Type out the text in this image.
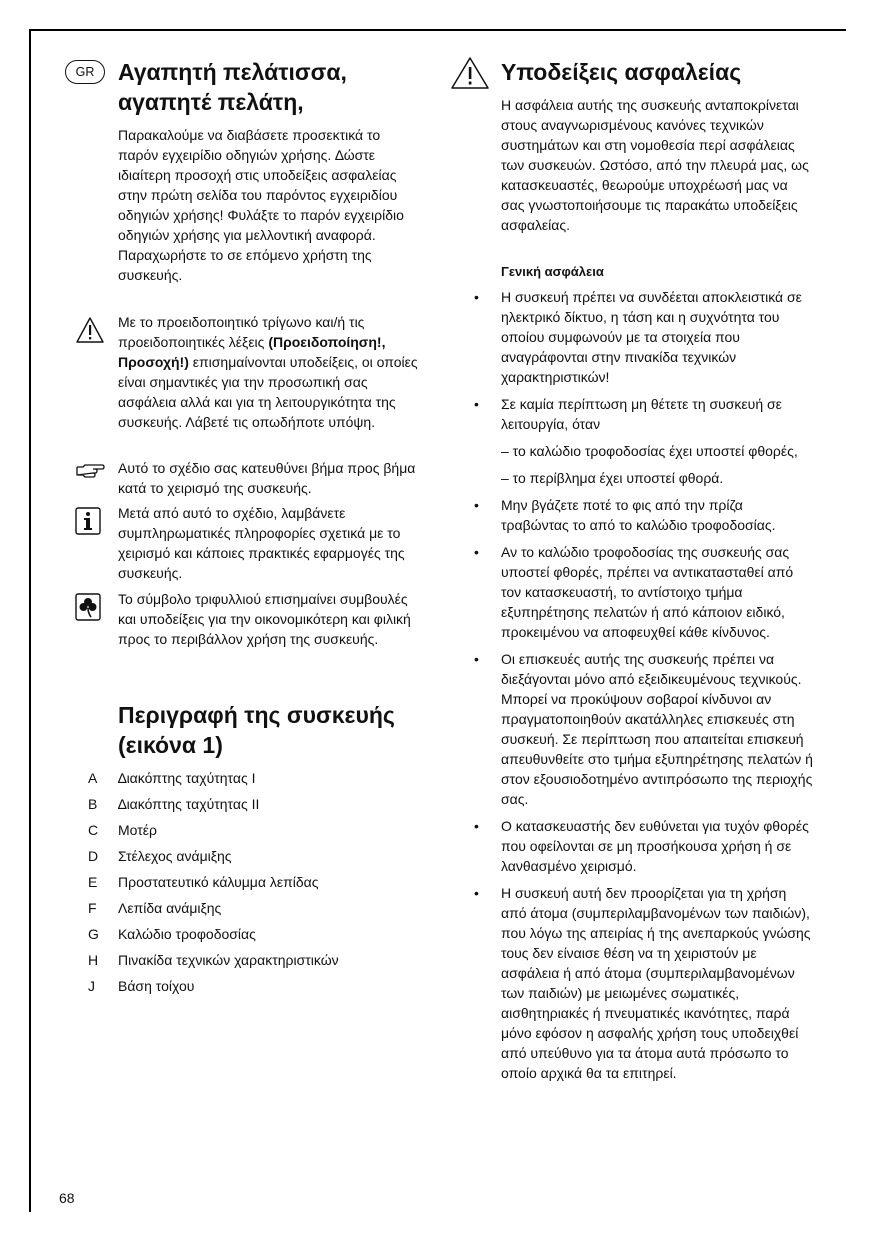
GR	Αγαπητή πελάτισσα,
αγαπητέ πελάτη,

Παρακαλούμε να διαβάσετε προσεκτικά το παρόν εγχειρίδιο οδηγιών χρήσης. ∆ώστε ιδιαίτερη προσοχή στις υποδείξεις ασφαλείας στην πρώτη σελίδα του παρόντος εγχειριδίου οδηγιών χρήσης! Φυλάξτε το παρόν εγχειρίδιο οδηγιών χρήσης για μελλοντική αναφορά. Παραχωρήστε το σε επόμενο χρήστη της συσκευής.

Με το προειδοποιητικό τρίγωνο και/ή τις προειδοποιητικές λέξεις (Προειδοποίηση!, Προσοχή!) επισημαίνονται υποδείξεις, οι οποίες είναι σημαντικές για την προσωπική σας ασφάλεια αλλά και για τη λειτουργικότητα της συσκευής. Λάβετέ τις οπωδήποτε υπόψη.

Αυτό το σχέδιο σας κατευθύνει βήμα προς βήμα κατά το χειρισμό της συσκευής.

Μετά από αυτό το σχέδιο, λαμβάνετε συμπληρωματικές πληροφορίες σχετικά με το χειρισμό και κάποιες πρακτικές εφαρμογές της συσκευής.

Το σύμβολο τριφυλλιού επισημαίνει συμβουλές και υποδείξεις για την οικονομικότερη και φιλική προς το περιβάλλον χρήση της συσκευής.

Περιγραφή της συσκευής
(εικόνα 1)
A ∆ιακόπτης ταχύτητας I
B ∆ιακόπτης ταχύτητας II
C Μοτέρ
D Στέλεχος ανάμιξης
E Προστατευτικό κάλυμμα λεπίδας
F Λεπίδα ανάμιξης
G Καλώδιο τροφοδοσίας
H Πινακίδα τεχνικών χαρακτηριστικών
J Βάση τοίχου
Υποδείξεις ασφαλείας

Η ασφάλεια αυτής της συσκευής ανταποκρίνεται στους αναγνωρισμένους κανόνες τεχνικών συστημάτων και στη νομοθεσία περί ασφάλειας των συσκευών. Ωστόσο, από την πλευρά μας, ως κατασκευαστές, θεωρούμε υποχρέωσή μας να σας γνωστοποιήσουμε τις παρακάτω υποδείξεις ασφαλείας.

Γενική ασφάλεια

• Η συσκευή πρέπει να συνδέεται αποκλειστικά σε ηλεκτρικό δίκτυο, η τάση και η συχνότητα του οποίου συμφωνούν με τα στοιχεία που αναγράφονται στην πινακίδα τεχνικών χαρακτηριστικών!
• Σε καμία περίπτωση μη θέτετε τη συσκευή σε λειτουργία, όταν
– το καλώδιο τροφοδοσίας έχει υποστεί φθορές,
– το περίβλημα έχει υποστεί φθορά.
• Μην βγάζετε ποτέ το φις από την πρίζα τραβώντας το από το καλώδιο τροφοδοσίας.
• Αν το καλώδιο τροφοδοσίας της συσκευής σας υποστεί φθορές, πρέπει να αντικατασταθεί από τον κατασκευαστή, το αντίστοιχο τμήμα εξυπηρέτησης πελατών ή από κάποιον ειδικό, προκειμένου να αποφευχθεί κάθε κίνδυνος.
• Οι επισκευές αυτής της συσκευής πρέπει να διεξάγονται μόνο από εξειδικευμένους τεχνικούς. Μπορεί να προκύψουν σοβαροί κίνδυνοι αν πραγματοποιηθούν ακατάλληλες επισκευές στη συσκευή. Σε περίπτωση που απαιτείται επισκευή απευθυνθείτε στο τμήμα εξυπηρέτησης πελατών ή στον εξουσιοδοτημένο αντιπρόσωπο της περιοχής σας.
• Ο κατασκευαστής δεν ευθύνεται για τυχόν φθορές που οφείλονται σε μη προσήκουσα χρήση ή σε λανθασμένο χειρισμό.
• Η συσκευή αυτή δεν προορίζεται για τη χρήση από άτομα (συμπεριλαμβανομένων των παιδιών), που λόγω της απειρίας ή της ανεπαρκούς γνώσης τους δεν είναισε θέση να τη χειριστούν με ασφάλεια ή από άτομα (συμπεριλαμβανομένων των παιδιών) με μειωμένες σωματικές, αισθητηριακές ή πνευματικές ικανότητες, παρά μόνο εφόσον η ασφαλής χρήση τους υποδειχθεί από υπεύθυνο για τα άτομα αυτά πρόσωπο το οποίο αρχικά θα τα επιτηρεί.
68
